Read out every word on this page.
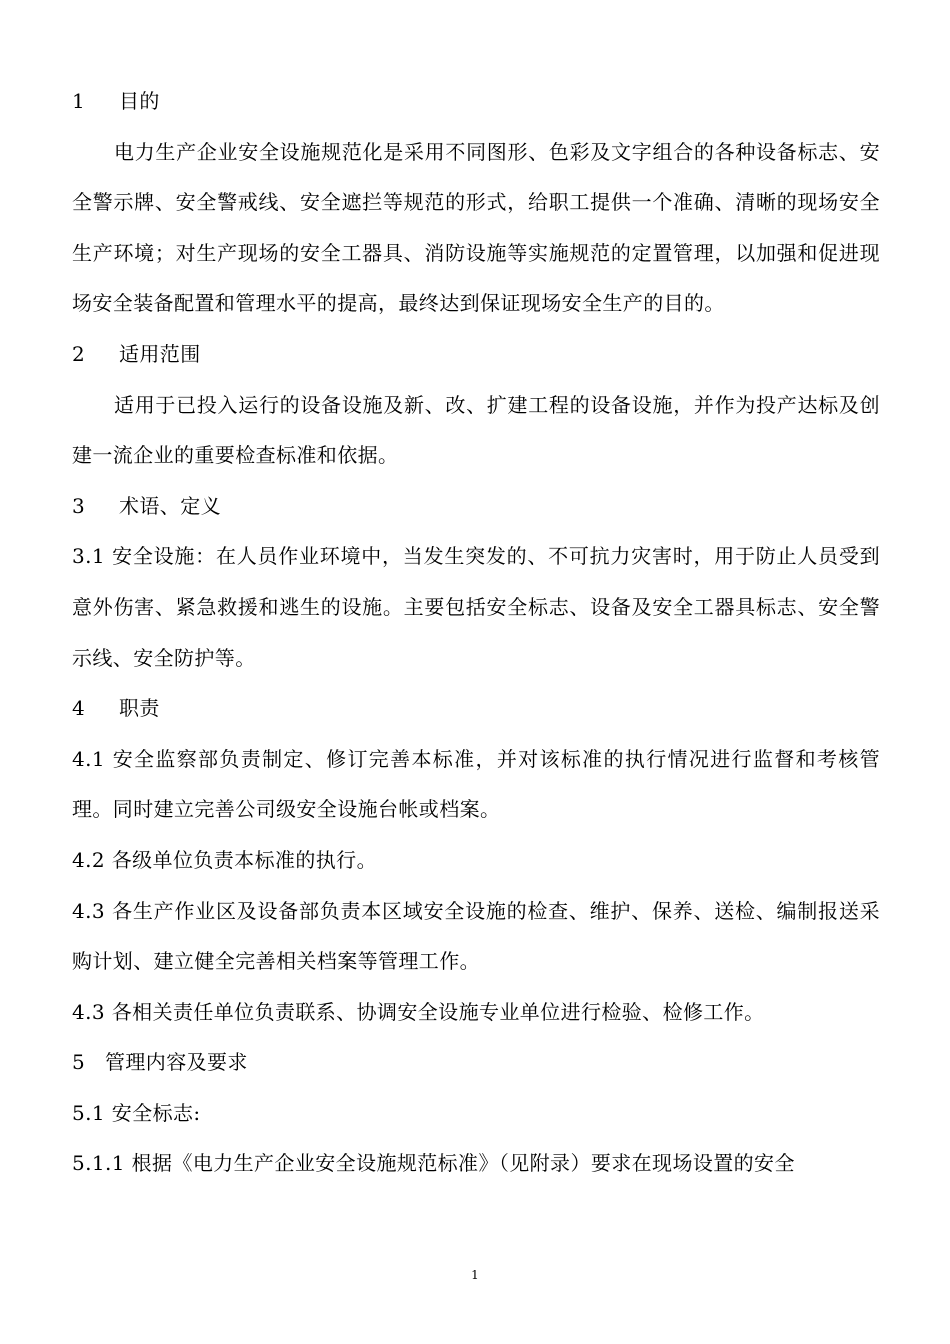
1	目的

电力生产企业安全设施规范化是采用不同图形、色彩及文字组合的各种设备标志、安全警示牌、安全警戒线、安全遮拦等规范的形式，给职工提供一个准确、清晰的现场安全生产环境；对生产现场的安全工器具、消防设施等实施规范的定置管理，以加强和促进现场安全装备配置和管理水平的提高，最终达到保证现场安全生产的目的。

2	适用范围

适用于已投入运行的设备设施及新、改、扩建工程的设备设施，并作为投产达标及创建一流企业的重要检查标准和依据。

3	术语、定义

3.1 安全设施：在人员作业环境中，当发生突发的、不可抗力灾害时，用于防止人员受到意外伤害、紧急救援和逃生的设施。主要包括安全标志、设备及安全工器具标志、安全警示线、安全防护等。

4	职责

4.1 安全监察部负责制定、修订完善本标准，并对该标准的执行情况进行监督和考核管理。同时建立完善公司级安全设施台帐或档案。

4.2 各级单位负责本标准的执行。

4.3 各生产作业区及设备部负责本区域安全设施的检查、维护、保养、送检、编制报送采购计划、建立健全完善相关档案等管理工作。

4.3 各相关责任单位负责联系、协调安全设施专业单位进行检验、检修工作。

5 管理内容及要求

5.1 安全标志:

5.1.1 根据《电力生产企业安全设施规范标准》（见附录）要求在现场设置的安全

1
